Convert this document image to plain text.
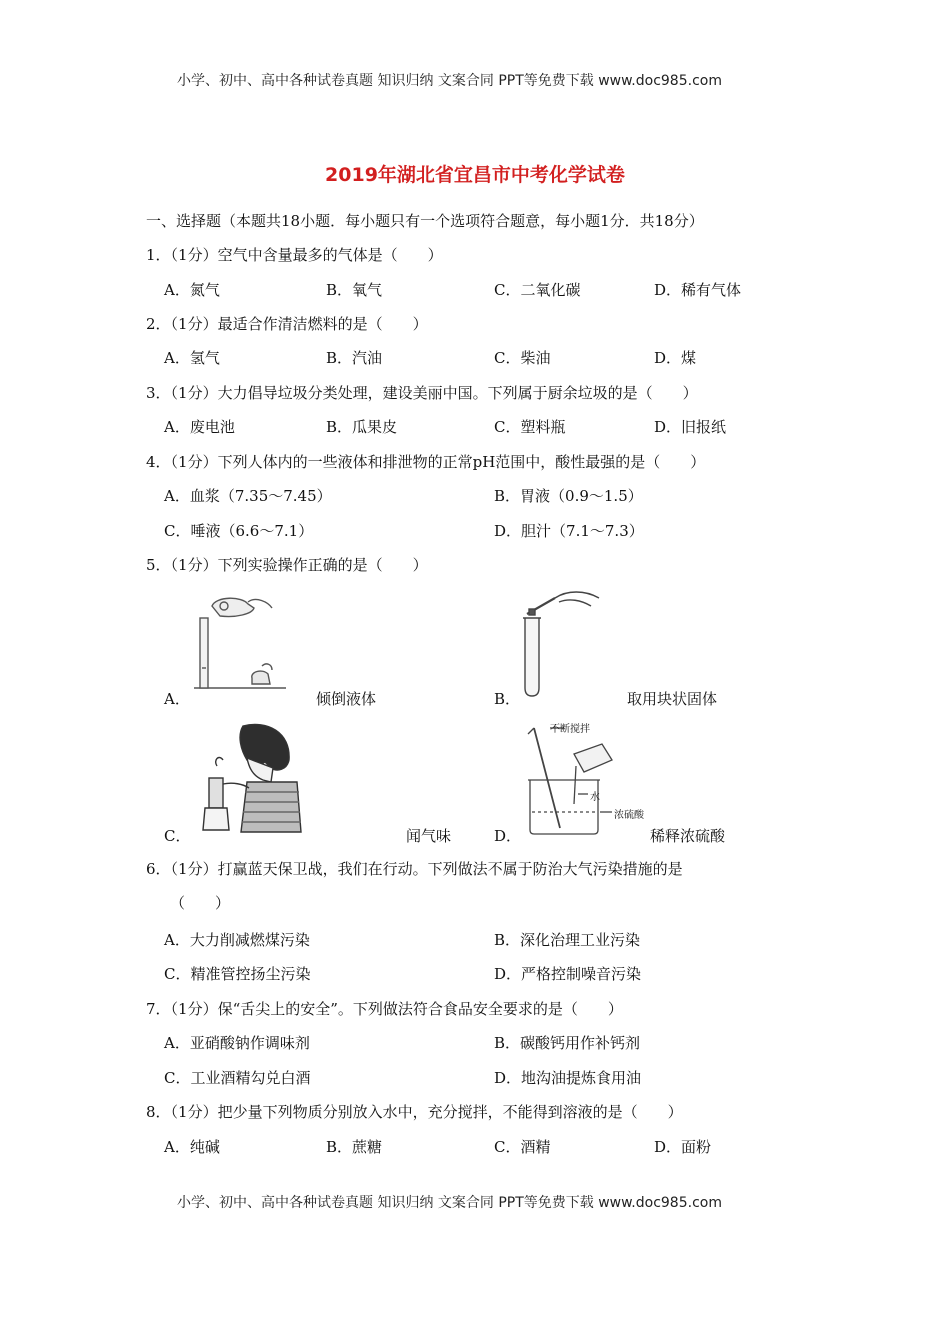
小学、初中、高中各种试卷真题 知识归纳 文案合同 PPT等免费下载 www.doc985.com
2019年湖北省宜昌市中考化学试卷
一、选择题（本题共18小题．每小题只有一个选项符合题意，每小题1分．共18分）
1．（1分）空气中含量最多的气体是（　　）
A．氮气	B．氧气	C．二氧化碳	D．稀有气体
2．（1分）最适合作清洁燃料的是（　　）
A．氢气	B．汽油	C．柴油	D．煤
3．（1分）大力倡导垃圾分类处理，建设美丽中国。下列属于厨余垃圾的是（　　）
A．废电池	B．瓜果皮	C．塑料瓶	D．旧报纸
4．（1分）下列人体内的一些液体和排泄物的正常pH范围中，酸性最强的是（　　）
A．血浆（7.35～7.45）	B．胃液（0.9～1.5）
C．唾液（6.6～7.1）	D．胆汁（7.1～7.3）
5．（1分）下列实验操作正确的是（　　）
A．	倾倒液体	B．	取用块状固体
C．	闻气味
不断搅拌
水
浓硫酸
D．	稀释浓硫酸
6．（1分）打赢蓝天保卫战，我们在行动。下列做法不属于防治大气污染措施的是
（　　）
A．大力削减燃煤污染	B．深化治理工业污染
C．精准管控扬尘污染	D．严格控制噪音污染
7．（1分）保“舌尖上的安全”。下列做法符合食品安全要求的是（　　）
A．亚硝酸钠作调味剂	B．碳酸钙用作补钙剂
C．工业酒精勾兑白酒	D．地沟油提炼食用油
8．（1分）把少量下列物质分别放入水中，充分搅拌，不能得到溶液的是（　　）
A．纯碱	B．蔗糖	C．酒精	D．面粉
小学、初中、高中各种试卷真题 知识归纳 文案合同 PPT等免费下载 www.doc985.com
